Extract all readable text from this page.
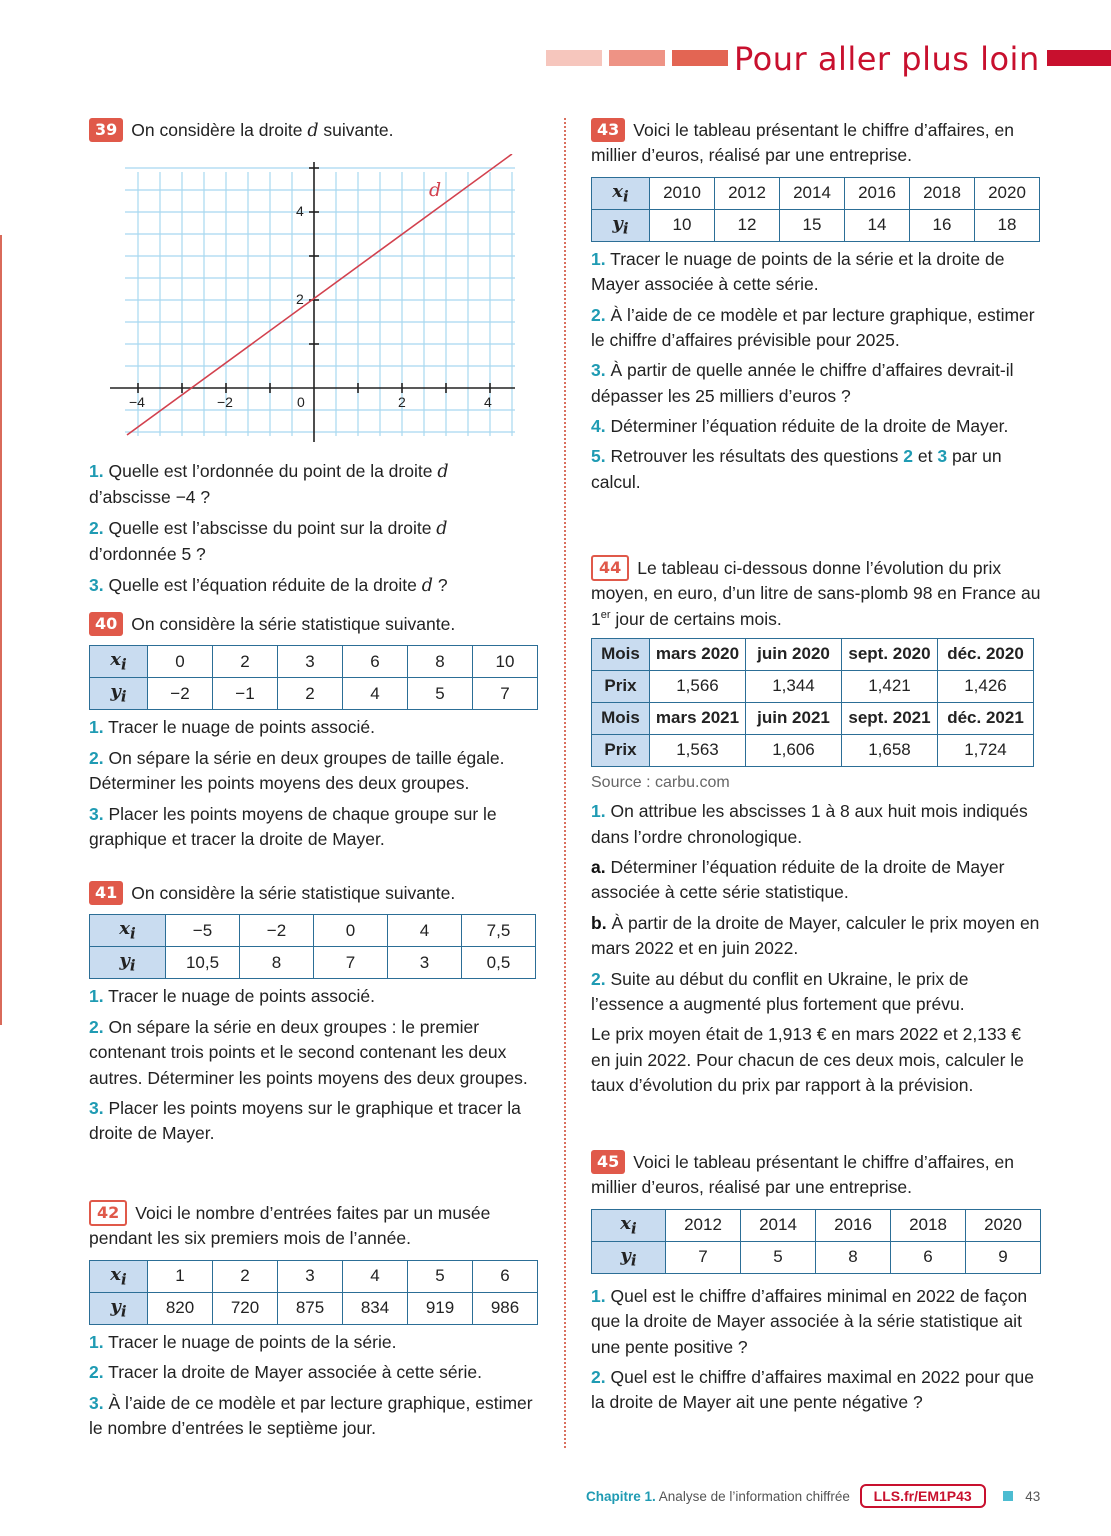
Pour aller plus loin
39 On considère la droite d suivante.
−4	−2	0	2	4
2
4
d
1. Quelle est l’ordonnée du point de la droite d
d’abscisse −4 ?
2. Quelle est l’abscisse du point sur la droite d
d’ordonnée 5 ?
3. Quelle est l’équation réduite de la droite d ?
40 On considère la série statistique suivante.
$x_i$	0	2	3	6	8	10
$y_i$	−2	−1	2	4	5	7
1. Tracer le nuage de points associé.
2. On sépare la série en deux groupes de taille égale. Déterminer les points moyens des deux groupes.
3. Placer les points moyens de chaque groupe sur le graphique et tracer la droite de Mayer.
41 On considère la série statistique suivante.
$x_i$	−5	−2	0	4	7,5
$y_i$	10,5	8	7	3	0,5
1. Tracer le nuage de points associé.
2. On sépare la série en deux groupes : le premier contenant trois points et le second contenant les deux autres. Déterminer les points moyens des deux groupes.
3. Placer les points moyens sur le graphique et tracer la droite de Mayer.
42 Voici le nombre d’entrées faites par un musée pendant les six premiers mois de l’année.
$x_i$	1	2	3	4	5	6
$y_i$	820	720	875	834	919	986
1. Tracer le nuage de points de la série.
2. Tracer la droite de Mayer associée à cette série.
3. À l’aide de ce modèle et par lecture graphique, estimer le nombre d’entrées le septième jour.
43 Voici le tableau présentant le chiffre d’affaires, en millier d’euros, réalisé par une entreprise.
$x_i$	2010	2012	2014	2016	2018	2020
$y_i$	10	12	15	14	16	18
1. Tracer le nuage de points de la série et la droite de Mayer associée à cette série.
2. À l’aide de ce modèle et par lecture graphique, estimer le chiffre d’affaires prévisible pour 2025.
3. À partir de quelle année le chiffre d’affaires devrait-il dépasser les 25 milliers d’euros ?
4. Déterminer l’équation réduite de la droite de Mayer.
5. Retrouver les résultats des questions 2 et 3 par un calcul.
44 Le tableau ci-dessous donne l’évolution du prix moyen, en euro, d’un litre de sans-plomb 98 en France au 1er jour de certains mois.
Mois	mars 2020	juin 2020	sept. 2020	déc. 2020
Prix	1,566	1,344	1,421	1,426
Mois	mars 2021	juin 2021	sept. 2021	déc. 2021
Prix	1,563	1,606	1,658	1,724
Source : carbu.com
1. On attribue les abscisses 1 à 8 aux huit mois indiqués dans l’ordre chronologique.
a. Déterminer l’équation réduite de la droite de Mayer associée à cette série statistique.
b. À partir de la droite de Mayer, calculer le prix moyen en mars 2022 et en juin 2022.
2. Suite au début du conflit en Ukraine, le prix de l’essence a augmenté plus fortement que prévu.
Le prix moyen était de 1,913 € en mars 2022 et 2,133 € en juin 2022. Pour chacun de ces deux mois, calculer le taux d’évolution du prix par rapport à la prévision.
45 Voici le tableau présentant le chiffre d’affaires, en millier d’euros, réalisé par une entreprise.
$x_i$	2012	2014	2016	2018	2020
$y_i$	7	5	8	6	9
1. Quel est le chiffre d’affaires minimal en 2022 de façon que la droite de Mayer associée à la série statistique ait une pente positive ?
2. Quel est le chiffre d’affaires maximal en 2022 pour que la droite de Mayer ait une pente négative ?
Chapitre 1. Analyse de l’information chiffrée LLS.fr/EM1P43	43
